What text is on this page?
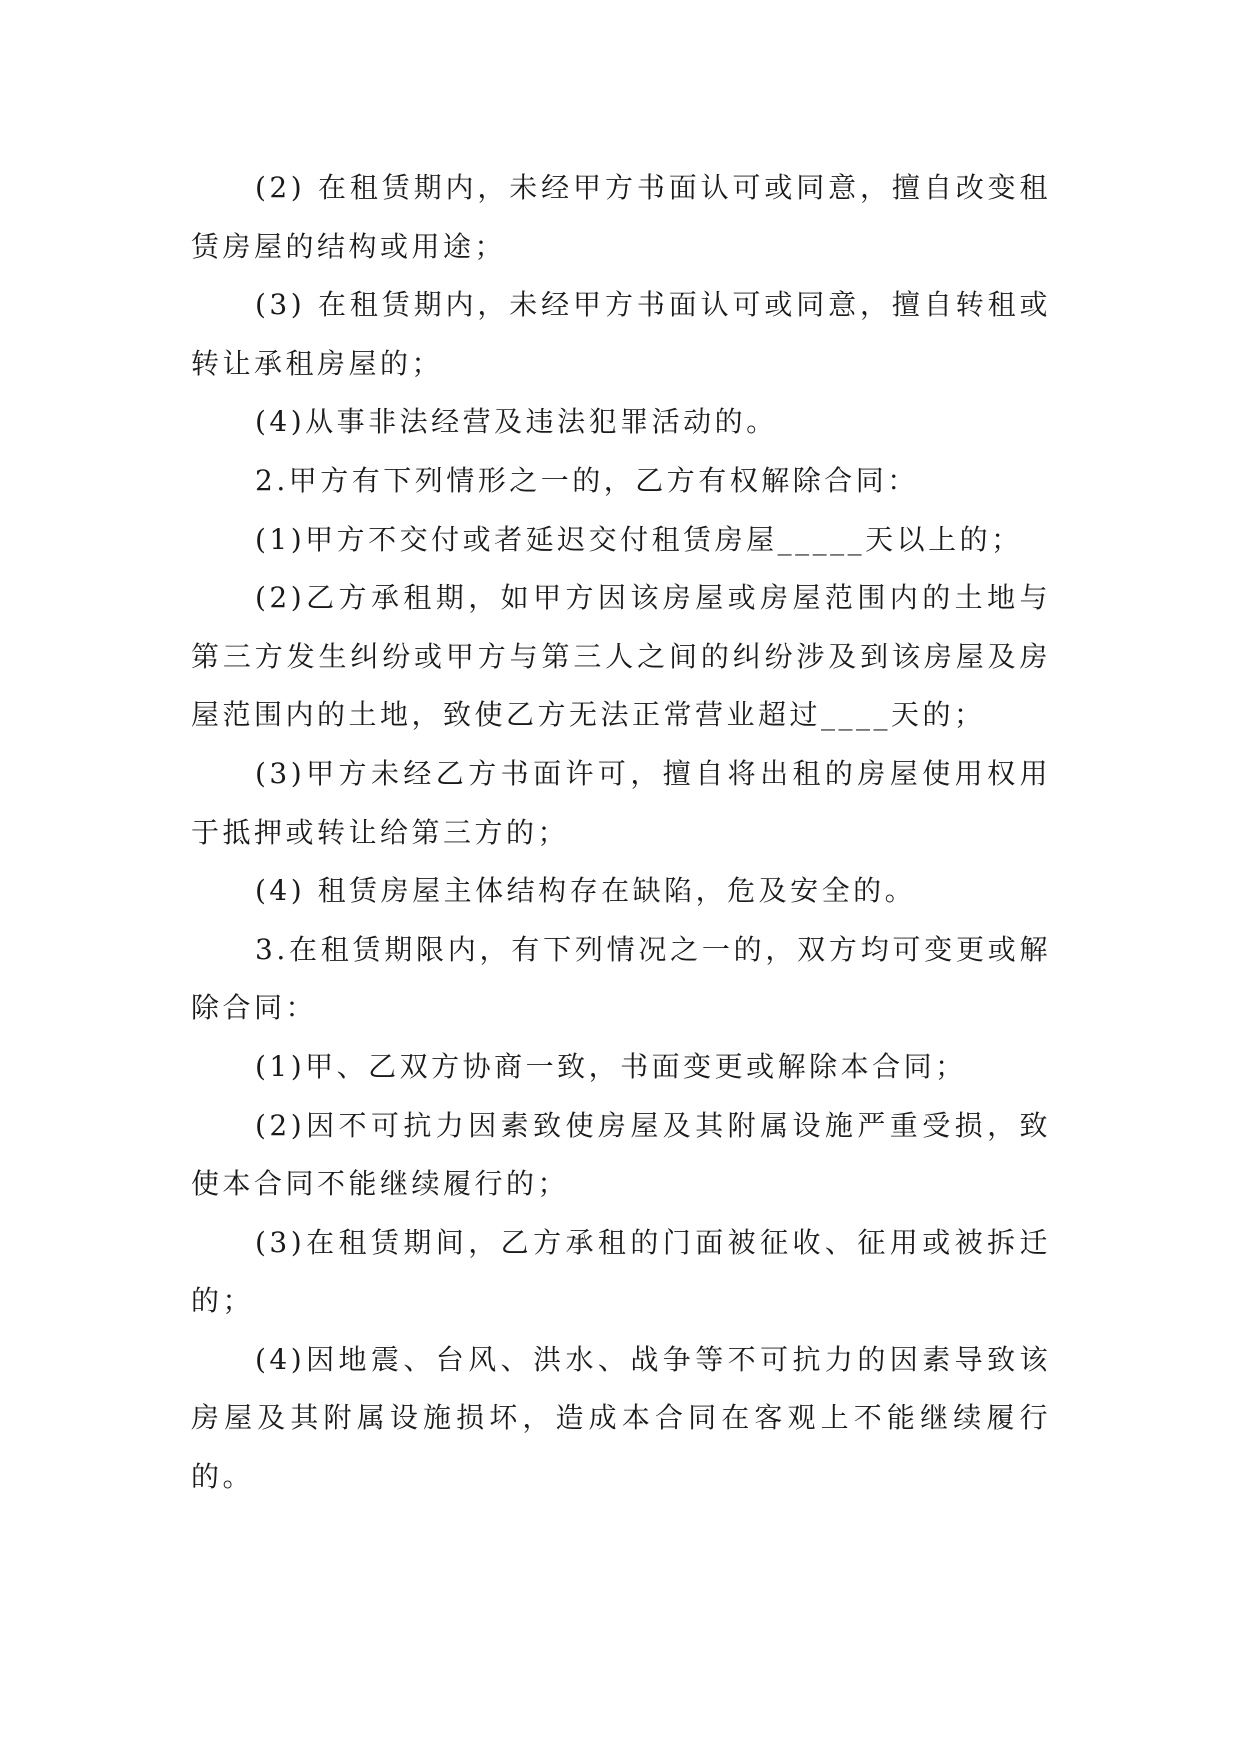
(2) 在租赁期内，未经甲方书面认可或同意，擅自改变租赁房屋的结构或用途；

(3) 在租赁期内，未经甲方书面认可或同意，擅自转租或转让承租房屋的；

(4)从事非法经营及违法犯罪活动的。

2.甲方有下列情形之一的，乙方有权解除合同：

(1)甲方不交付或者延迟交付租赁房屋_____天以上的；

(2)乙方承租期，如甲方因该房屋或房屋范围内的土地与第三方发生纠纷或甲方与第三人之间的纠纷涉及到该房屋及房屋范围内的土地，致使乙方无法正常营业超过____天的；

(3)甲方未经乙方书面许可，擅自将出租的房屋使用权用于抵押或转让给第三方的；

(4) 租赁房屋主体结构存在缺陷，危及安全的。

3.在租赁期限内，有下列情况之一的，双方均可变更或解除合同：

(1)甲、乙双方协商一致，书面变更或解除本合同；

(2)因不可抗力因素致使房屋及其附属设施严重受损，致使本合同不能继续履行的；

(3)在租赁期间，乙方承租的门面被征收、征用或被拆迁的；

(4)因地震、台风、洪水、战争等不可抗力的因素导致该房屋及其附属设施损坏，造成本合同在客观上不能继续履行的。
